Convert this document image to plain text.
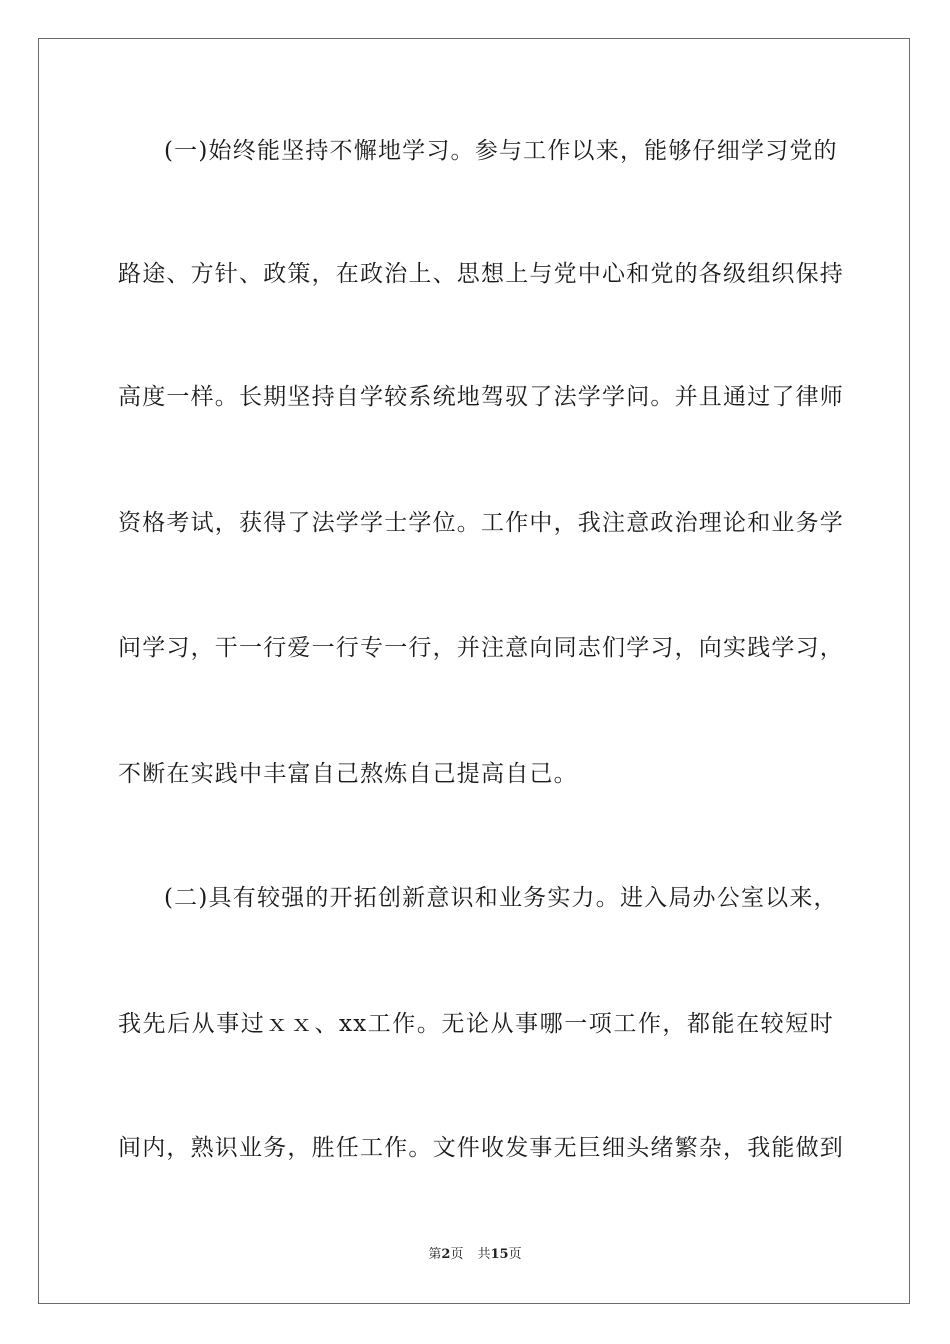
(一)始终能坚持不懈地学习。参与工作以来，能够仔细学习党的
路途、方针、政策，在政治上、思想上与党中心和党的各级组织保持
高度一样。长期坚持自学较系统地驾驭了法学学问。并且通过了律师
资格考试，获得了法学学士学位。工作中，我注意政治理论和业务学
问学习，干一行爱一行专一行，并注意向同志们学习，向实践学习，
不断在实践中丰富自己熬炼自己提高自己。
(二)具有较强的开拓创新意识和业务实力。进入局办公室以来，
我先后从事过ｘｘ、xx工作。无论从事哪一项工作，都能在较短时
间内，熟识业务，胜任工作。文件收发事无巨细头绪繁杂，我能做到
第2页 共15页
